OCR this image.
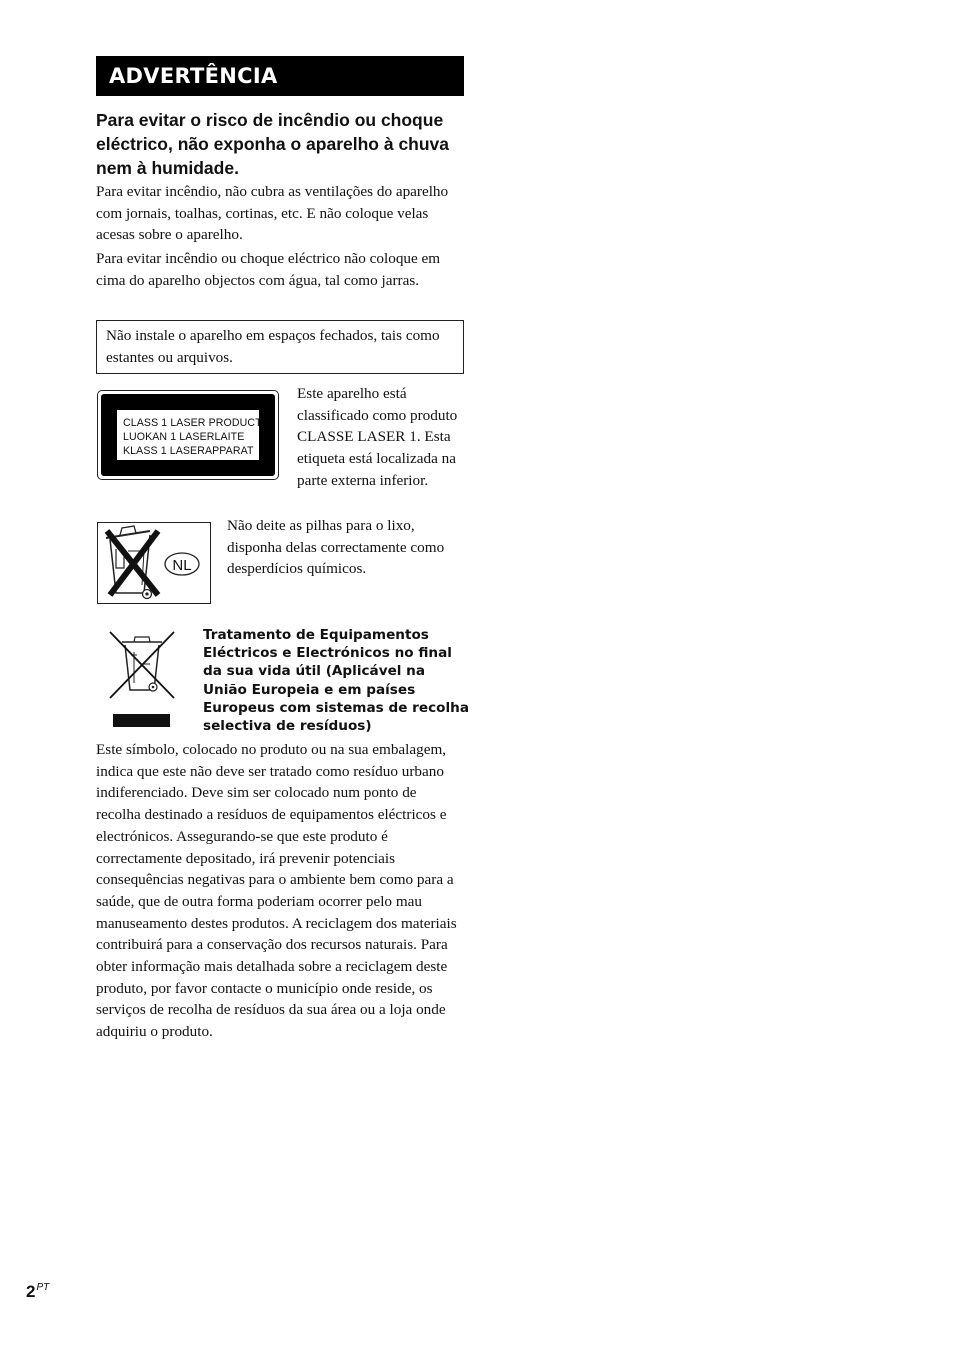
ADVERTÊNCIA
Para evitar o risco de incêndio ou choque eléctrico, não exponha o aparelho à chuva nem à humidade.
Para evitar incêndio, não cubra as ventilações do aparelho com jornais, toalhas, cortinas, etc. E não coloque velas acesas sobre o aparelho.
Para evitar incêndio ou choque eléctrico não coloque em cima do aparelho objectos com água, tal como jarras.
Não instale o aparelho em espaços fechados, tais como estantes ou arquivos.
CLASS 1 LASER PRODUCT
LUOKAN 1 LASERLAITE
KLASS 1 LASERAPPARAT
Este aparelho está classificado como produto CLASSE LASER 1. Esta etiqueta está localizada na parte externa inferior.
NL
Não deite as pilhas para o lixo, disponha delas correctamente como desperdícios químicos.
Tratamento de Equipamentos Eléctricos e Electrónicos no final da sua vida útil (Aplicável na União Europeia e em países Europeus com sistemas de recolha selectiva de resíduos)
Este símbolo, colocado no produto ou na sua embalagem, indica que este não deve ser tratado como resíduo urbano indiferenciado. Deve sim ser colocado num ponto de recolha destinado a resíduos de equipamentos eléctricos e electrónicos. Assegurando-se que este produto é correctamente depositado, irá prevenir potenciais consequências negativas para o ambiente bem como para a saúde, que de outra forma poderiam ocorrer pelo mau manuseamento destes produtos. A reciclagem dos materiais contribuirá para a conservação dos recursos naturais. Para obter informação mais detalhada sobre a reciclagem deste produto, por favor contacte o município onde reside, os serviços de recolha de resíduos da sua área ou a loja onde adquiriu o produto.
$2^{PT}$
